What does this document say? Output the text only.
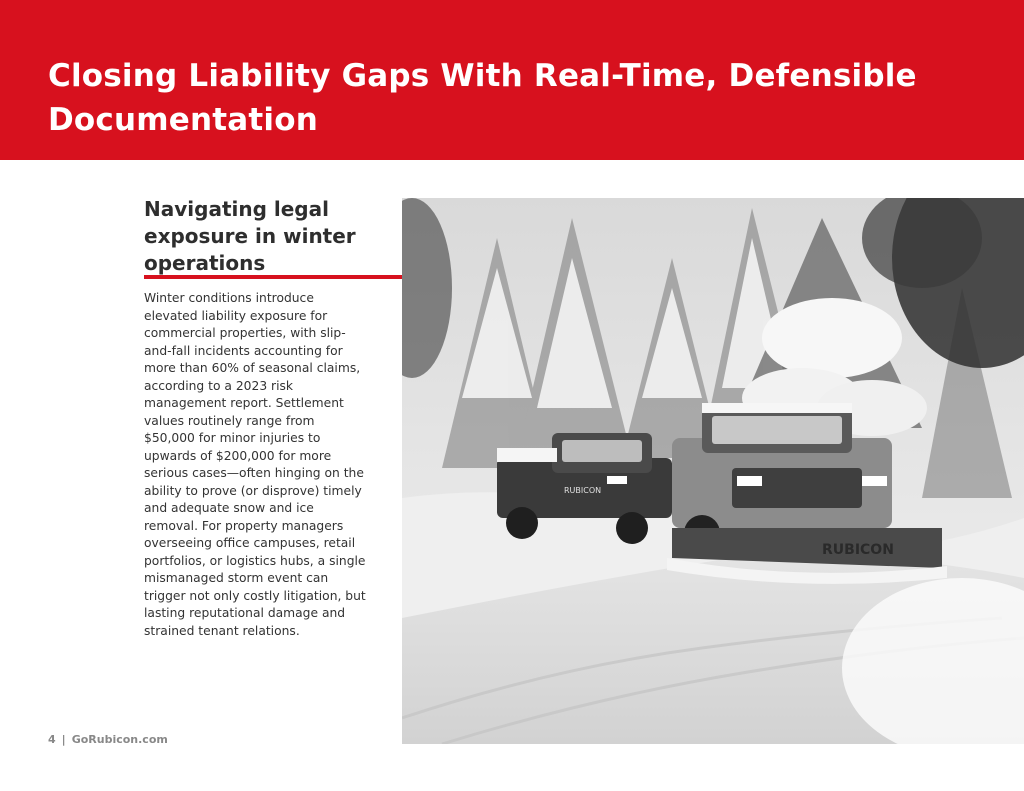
Closing Liability Gaps With Real-Time, Defensible Documentation
Navigating legal exposure in winter operations

Winter conditions introduce elevated liability exposure for commercial properties, with slip-and-fall incidents accounting for more than 60% of seasonal claims, according to a 2023 risk management report. Settlement values routinely range from $50,000 for minor injuries to upwards of $200,000 for more serious cases—often hinging on the ability to prove (or disprove) timely and adequate snow and ice removal. For property managers overseeing office campuses, retail portfolios, or logistics hubs, a single mismanaged storm event can trigger not only costly litigation, but lasting reputational damage and strained tenant relations.

RUBICON
RUBICON
4 | GoRubicon.com
